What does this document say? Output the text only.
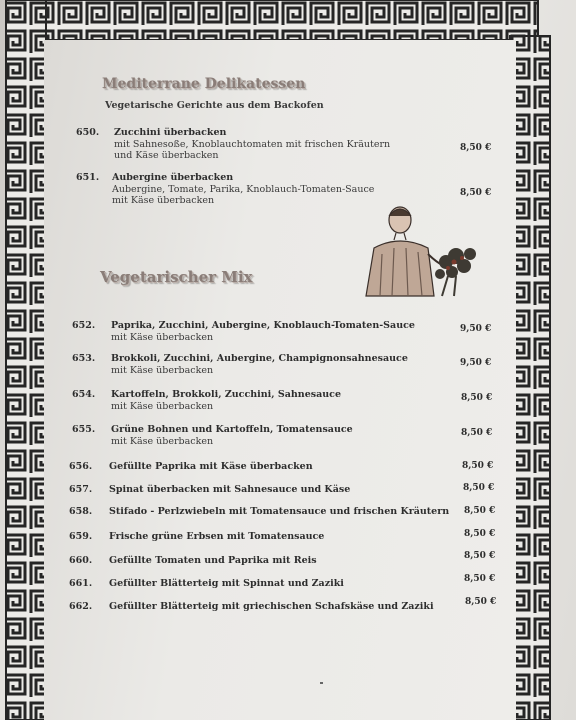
Mediterrane Delikatessen
Vegetarische Gerichte aus dem Backofen
650. Zucchini überbacken
mit Sahnesoße, Knoblauchtomaten mit frischen Kräutern
und Käse überbacken
8,50 €
651. Aubergine überbacken
Aubergine, Tomate, Parika, Knoblauch-Tomaten-Sauce
mit Käse überbacken
8,50 €
Vegetarischer Mix
652. Paprika, Zucchini, Aubergine, Knoblauch-Tomaten-Sauce
mit Käse überbacken
9,50 €
653. Brokkoli, Zucchini, Aubergine, Champignonsahnesauce
mit Käse überbacken
9,50 €
654. Kartoffeln, Brokkoli, Zucchini, Sahnesauce
mit Käse überbacken
8,50 €
655. Grüne Bohnen und Kartoffeln, Tomatensauce
mit Käse überbacken
8,50 €
656. Gefüllte Paprika mit Käse überbacken	8,50 €
657. Spinat überbacken mit Sahnesauce und Käse	8,50 €
658. Stifado - Perlzwiebeln mit Tomatensauce und frischen Kräutern 8,50 €
659. Frische grüne Erbsen mit Tomatensauce	8,50 €
660. Gefüllte Tomaten und Paprika mit Reis	8,50 €
661. Gefüllter Blätterteig mit Spinnat und Zaziki	8,50 €
662. Gefüllter Blätterteig mit griechischen Schafskäse und Zaziki	8,50 €
